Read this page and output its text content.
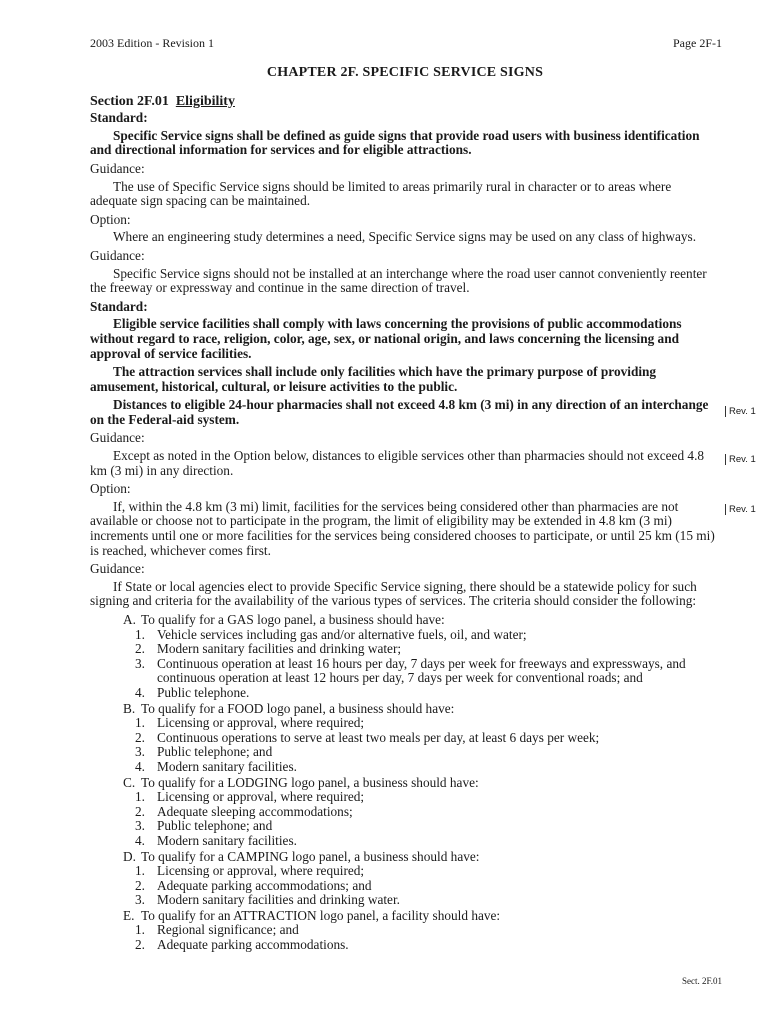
2003 Edition - Revision 1	Page 2F-1
CHAPTER 2F. SPECIFIC SERVICE SIGNS
Section 2F.01 Eligibility
Standard:

Specific Service signs shall be defined as guide signs that provide road users with business identification and directional information for services and for eligible attractions.

Guidance:

The use of Specific Service signs should be limited to areas primarily rural in character or to areas where adequate sign spacing can be maintained.

Option:

Where an engineering study determines a need, Specific Service signs may be used on any class of highways.

Guidance:

Specific Service signs should not be installed at an interchange where the road user cannot conveniently reenter the freeway or expressway and continue in the same direction of travel.

Standard:

Eligible service facilities shall comply with laws concerning the provisions of public accommodations without regard to race, religion, color, age, sex, or national origin, and laws concerning the licensing and approval of service facilities.

The attraction services shall include only facilities which have the primary purpose of providing amusement, historical, cultural, or leisure activities to the public.

Distances to eligible 24-hour pharmacies shall not exceed 4.8 km (3 mi) in any direction of an interchange on the Federal-aid system.

Guidance:

Except as noted in the Option below, distances to eligible services other than pharmacies should not exceed 4.8 km (3 mi) in any direction.

Option:

If, within the 4.8 km (3 mi) limit, facilities for the services being considered other than pharmacies are not available or choose not to participate in the program, the limit of eligibility may be extended in 4.8 km (3 mi) increments until one or more facilities for the services being considered chooses to participate, or until 25 km (15 mi) is reached, whichever comes first.

Guidance:

If State or local agencies elect to provide Specific Service signing, there should be a statewide policy for such signing and criteria for the availability of the various types of services. The criteria should consider the following:

A. To qualify for a GAS logo panel, a business should have:
1. Vehicle services including gas and/or alternative fuels, oil, and water;
2. Modern sanitary facilities and drinking water;
3. Continuous operation at least 16 hours per day, 7 days per week for freeways and expressways, and continuous operation at least 12 hours per day, 7 days per week for conventional roads; and
4. Public telephone.
B. To qualify for a FOOD logo panel, a business should have:
1. Licensing or approval, where required;
2. Continuous operations to serve at least two meals per day, at least 6 days per week;
3. Public telephone; and
4. Modern sanitary facilities.
C. To qualify for a LODGING logo panel, a business should have:
1. Licensing or approval, where required;
2. Adequate sleeping accommodations;
3. Public telephone; and
4. Modern sanitary facilities.
D. To qualify for a CAMPING logo panel, a business should have:
1. Licensing or approval, where required;
2. Adequate parking accommodations; and
3. Modern sanitary facilities and drinking water.
E. To qualify for an ATTRACTION logo panel, a facility should have:
1. Regional significance; and
2. Adequate parking accommodations.
Rev. 1
Rev. 1
Rev. 1
Sect. 2F.01
